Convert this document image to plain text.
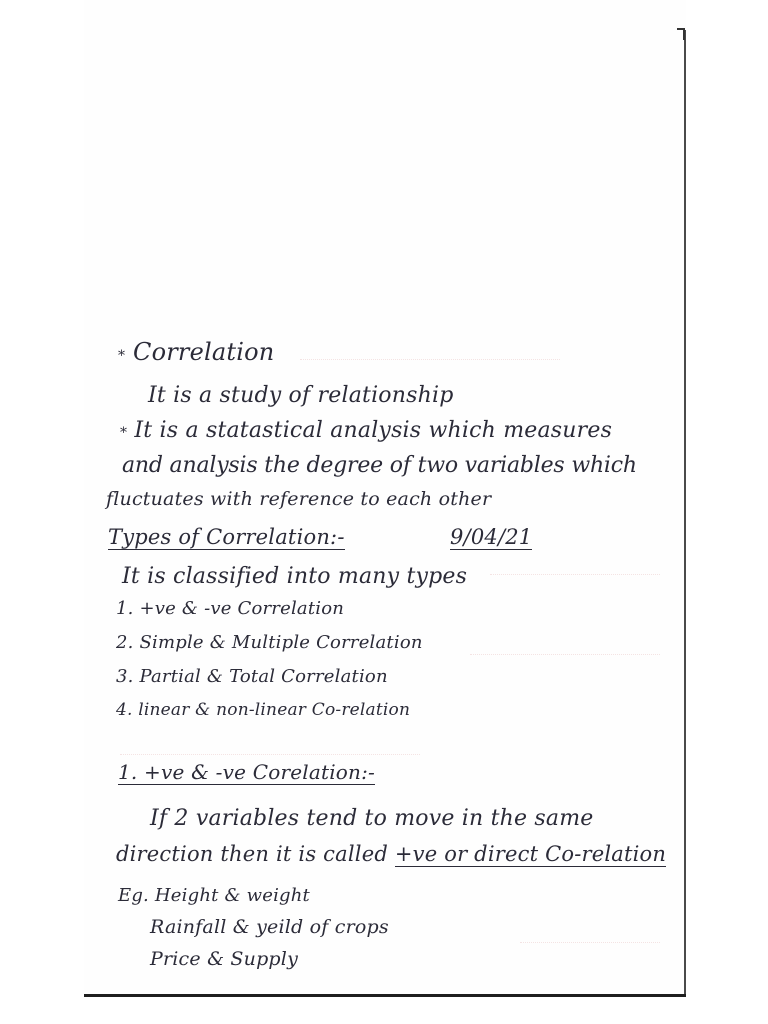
* Correlation
It is a study of relationship
* It is a statastical analysis which measures
and analysis the degree of two variables which
fluctuates with reference to each other
Types of Correlation:-	9/04/21
It is classified into many types
1. +ve & -ve Correlation
2. Simple & Multiple Correlation
3. Partial & Total Correlation
4. linear & non-linear Co-relation
1. +ve & -ve Corelation:-
If 2 variables tend to move in the same
direction then it is called +ve or direct Co-relation
Eg. Height & weight
Rainfall & yeild of crops
Price & Supply
